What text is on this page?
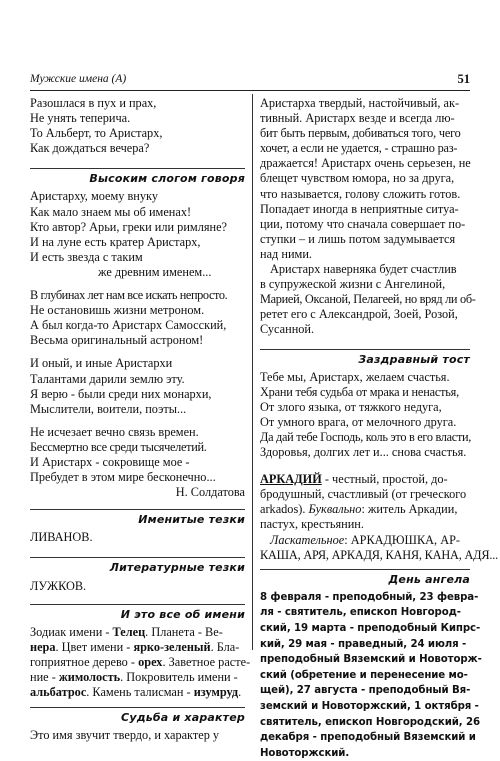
Мужские имена (А)	51
Разошлася в пух и прах,
Не унять теперича.
То Альберт, то Аристарх,
Как дождаться вечера?
Высоким слогом говоря
Аристарху, моему внуку
Как мало знаем мы об именах!
Кто автор? Арьи, греки или римляне?
И на луне есть кратер Аристарх,
И есть звезда с таким
же древним именем...
В глубинах лет нам все искать непросто.
Не остановишь жизни метроном.
А был когда-то Аристарх Самосский,
Весьма оригинальный астроном!
И оный, и иные Аристархи
Талантами дарили землю эту.
Я верю - были среди них монархи,
Мыслители, воители, поэты...
Не исчезает вечно связь времен.
Бессмертно все среди тысячелетий.
И Аристарх - сокровище мое -
Пребудет в этом мире бесконечно...
Н. Солдатова
Именитые тезки
ЛИВАНОВ.
Литературные тезки
ЛУЖКОВ.
И это все об имени
Зодиак имени - Телец. Планета - Ве-
нера. Цвет имени - ярко-зеленый. Бла-
гоприятное дерево - орех. Заветное расте-
ние - жимолость. Покровитель имени -
альбатрос. Камень талисман - изумруд.
Судьба и характер
Это имя звучит твердо, и характер у
Аристарха твердый, настойчивый, ак-
тивный. Аристарх везде и всегда лю-
бит быть первым, добиваться того, чего
хочет, а если не удается, - страшно раз-
дражается! Аристарх очень серьезен, не
блещет чувством юмора, но за друга,
что называется, голову сложить готов.
Попадает иногда в неприятные ситуа-
ции, потому что сначала совершает по-
ступки – и лишь потом задумывается
над ними.
Аристарх наверняка будет счастлив
в супружеской жизни с Ангелиной,
Марией, Оксаной, Пелагеей, но вряд ли об-
ретет его с Александрой, Зоей, Розой,
Сусанной.
Заздравный тост
Тебе мы, Аристарх, желаем счастья.
Храни тебя судьба от мрака и ненастья,
От злого языка, от тяжкого недуга,
От умного врага, от мелочного друга.
Да дай тебе Господь, коль это в его власти,
Здоровья, долгих лет и... снова счастья.
АРКАДИЙ - честный, простой, до-
бродушный, счастливый (от греческого
arkados). Буквально: житель Аркадии,
пастух, крестьянин.
Ласкательное: АРКАДЮШКА, АР-
КАША, АРЯ, АРКАДЯ, КАНЯ, КАНА, АДЯ...
День ангела
8 февраля - преподобный, 23 февра-
ля - святитель, епископ Новгород-
ский, 19 марта - преподобный Кипрс-
кий, 29 мая - праведный, 24 июля -
преподобный Вяземский и Новоторж-
ский (обретение и перенесение мо-
щей), 27 августа - преподобный Вя-
земский и Новоторжский, 1 октября -
святитель, епископ Новгородский, 26
декабря - преподобный Вяземский и
Новоторжский.
